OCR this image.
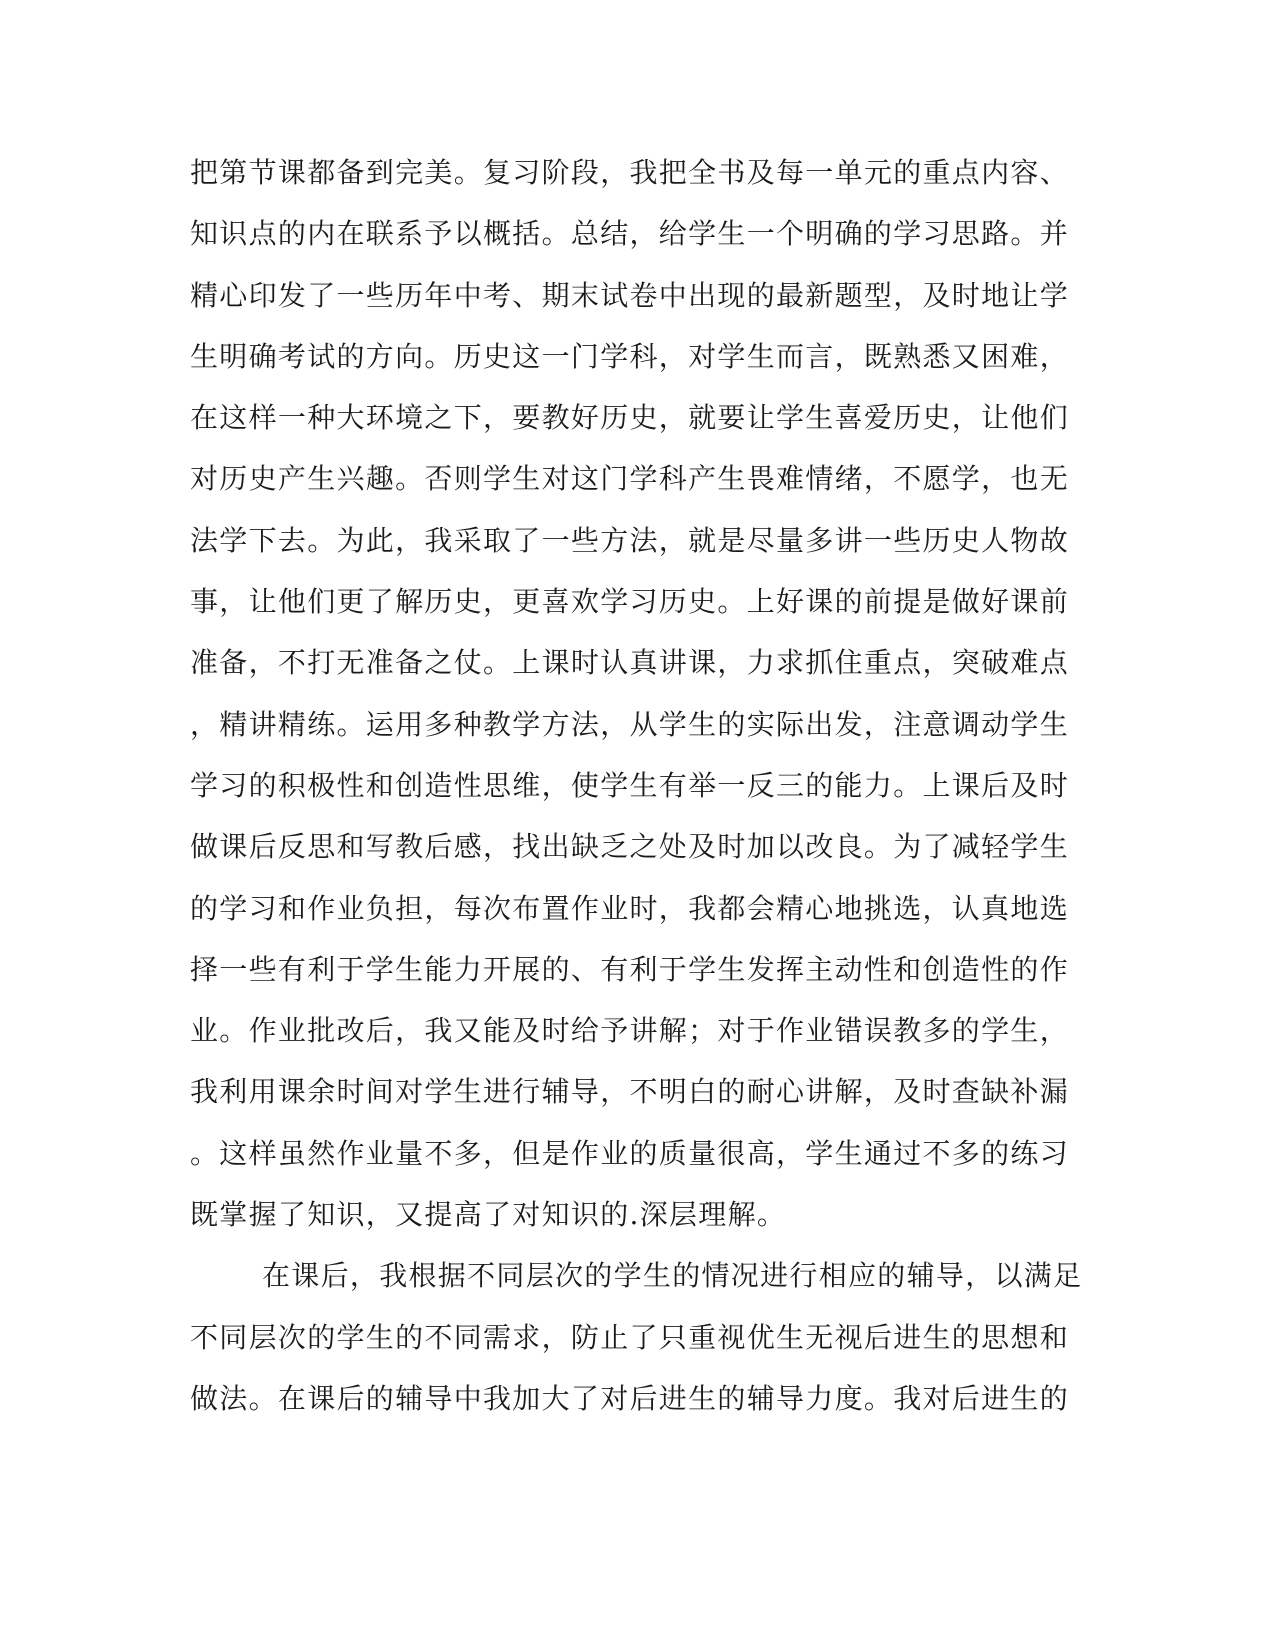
把第节课都备到完美。复习阶段，我把全书及每一单元的重点内容、
知识点的内在联系予以概括。总结，给学生一个明确的学习思路。并
精心印发了一些历年中考、期末试卷中出现的最新题型，及时地让学
生明确考试的方向。历史这一门学科，对学生而言，既熟悉又困难，
在这样一种大环境之下，要教好历史，就要让学生喜爱历史，让他们
对历史产生兴趣。否则学生对这门学科产生畏难情绪，不愿学，也无
法学下去。为此，我采取了一些方法，就是尽量多讲一些历史人物故
事，让他们更了解历史，更喜欢学习历史。上好课的前提是做好课前
准备，不打无准备之仗。上课时认真讲课，力求抓住重点，突破难点
，精讲精练。运用多种教学方法，从学生的实际出发，注意调动学生
学习的积极性和创造性思维，使学生有举一反三的能力。上课后及时
做课后反思和写教后感，找出缺乏之处及时加以改良。为了减轻学生
的学习和作业负担，每次布置作业时，我都会精心地挑选，认真地选
择一些有利于学生能力开展的、有利于学生发挥主动性和创造性的作
业。作业批改后，我又能及时给予讲解；对于作业错误教多的学生，
我利用课余时间对学生进行辅导，不明白的耐心讲解，及时查缺补漏
。这样虽然作业量不多，但是作业的质量很高，学生通过不多的练习
既掌握了知识，又提高了对知识的.深层理解。
在课后，我根据不同层次的学生的情况进行相应的辅导，以满足
不同层次的学生的不同需求，防止了只重视优生无视后进生的思想和
做法。在课后的辅导中我加大了对后进生的辅导力度。我对后进生的
